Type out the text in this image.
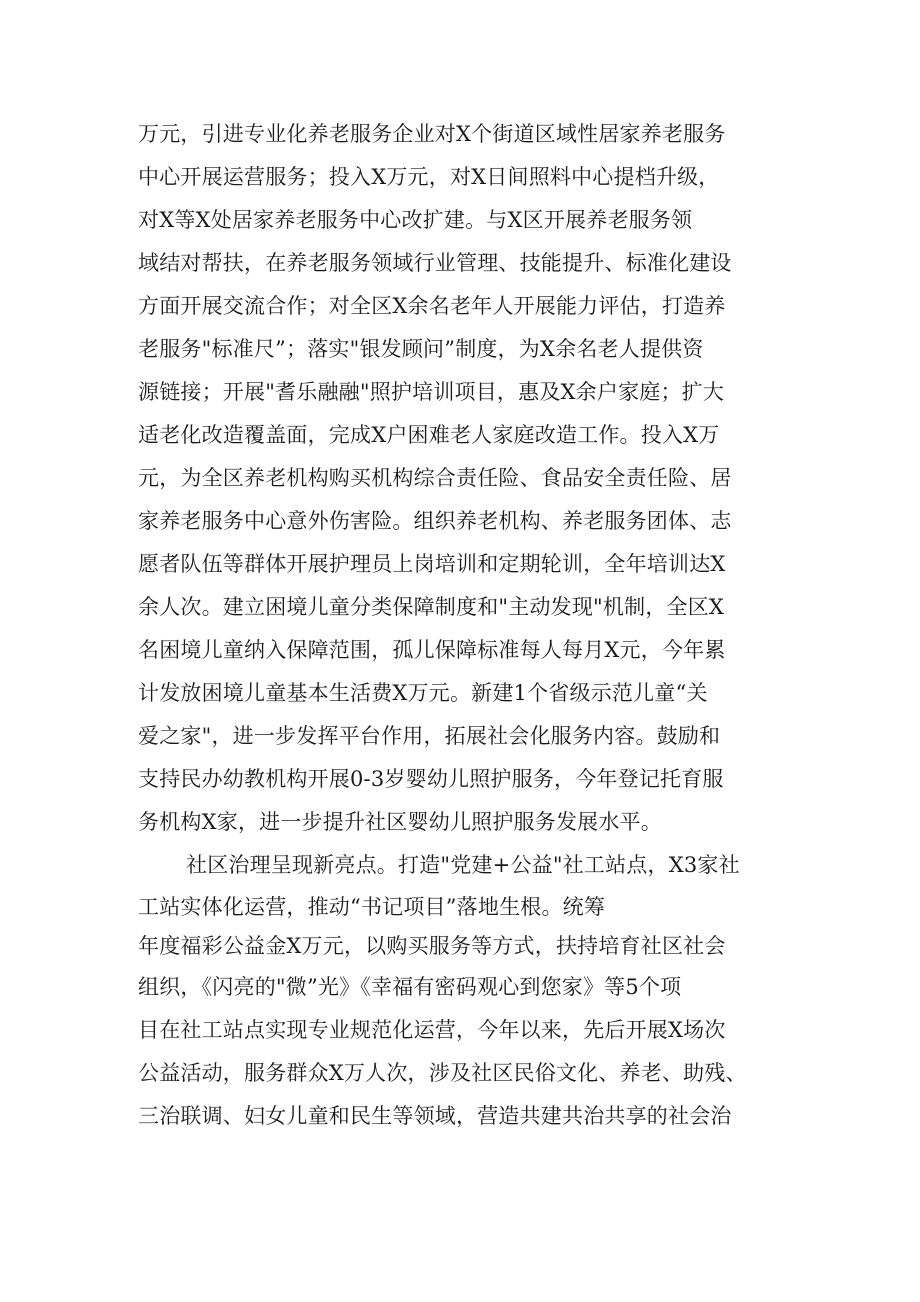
万元，引进专业化养老服务企业对X个街道区域性居家养老服务
中心开展运营服务；投入X万元，对X日间照料中心提档升级，
对X等X处居家养老服务中心改扩建。与X区开展养老服务领
域结对帮扶，在养老服务领域行业管理、技能提升、标准化建设
方面开展交流合作；对全区X余名老年人开展能力评估，打造养
老服务"标准尺”；落实"银发顾问”制度，为X余名老人提供资
源链接；开展"耆乐融融"照护培训项目，惠及X余户家庭；扩大
适老化改造覆盖面，完成X户困难老人家庭改造工作。投入X万
元，为全区养老机构购买机构综合责任险、食品安全责任险、居
家养老服务中心意外伤害险。组织养老机构、养老服务团体、志
愿者队伍等群体开展护理员上岗培训和定期轮训，全年培训达X
余人次。建立困境儿童分类保障制度和"主动发现"机制，全区X
名困境儿童纳入保障范围，孤儿保障标准每人每月X元，今年累
计发放困境儿童基本生活费X万元。新建1个省级示范儿童“关
爱之家"，进一步发挥平台作用，拓展社会化服务内容。鼓励和
支持民办幼教机构开展0-3岁婴幼儿照护服务，今年登记托育服
务机构X家，进一步提升社区婴幼儿照护服务发展水平。
社区治理呈现新亮点。打造"党建+公益"社工站点，X3家社
工站实体化运营，推动“书记项目”落地生根。统筹
年度福彩公益金X万元，以购买服务等方式，扶持培育社区社会
组织，《闪亮的"微”光》《幸福有密码观心到您家》等5个项
目在社工站点实现专业规范化运营，今年以来，先后开展X场次
公益活动，服务群众X万人次，涉及社区民俗文化、养老、助残、
三治联调、妇女儿童和民生等领域，营造共建共治共享的社会治
